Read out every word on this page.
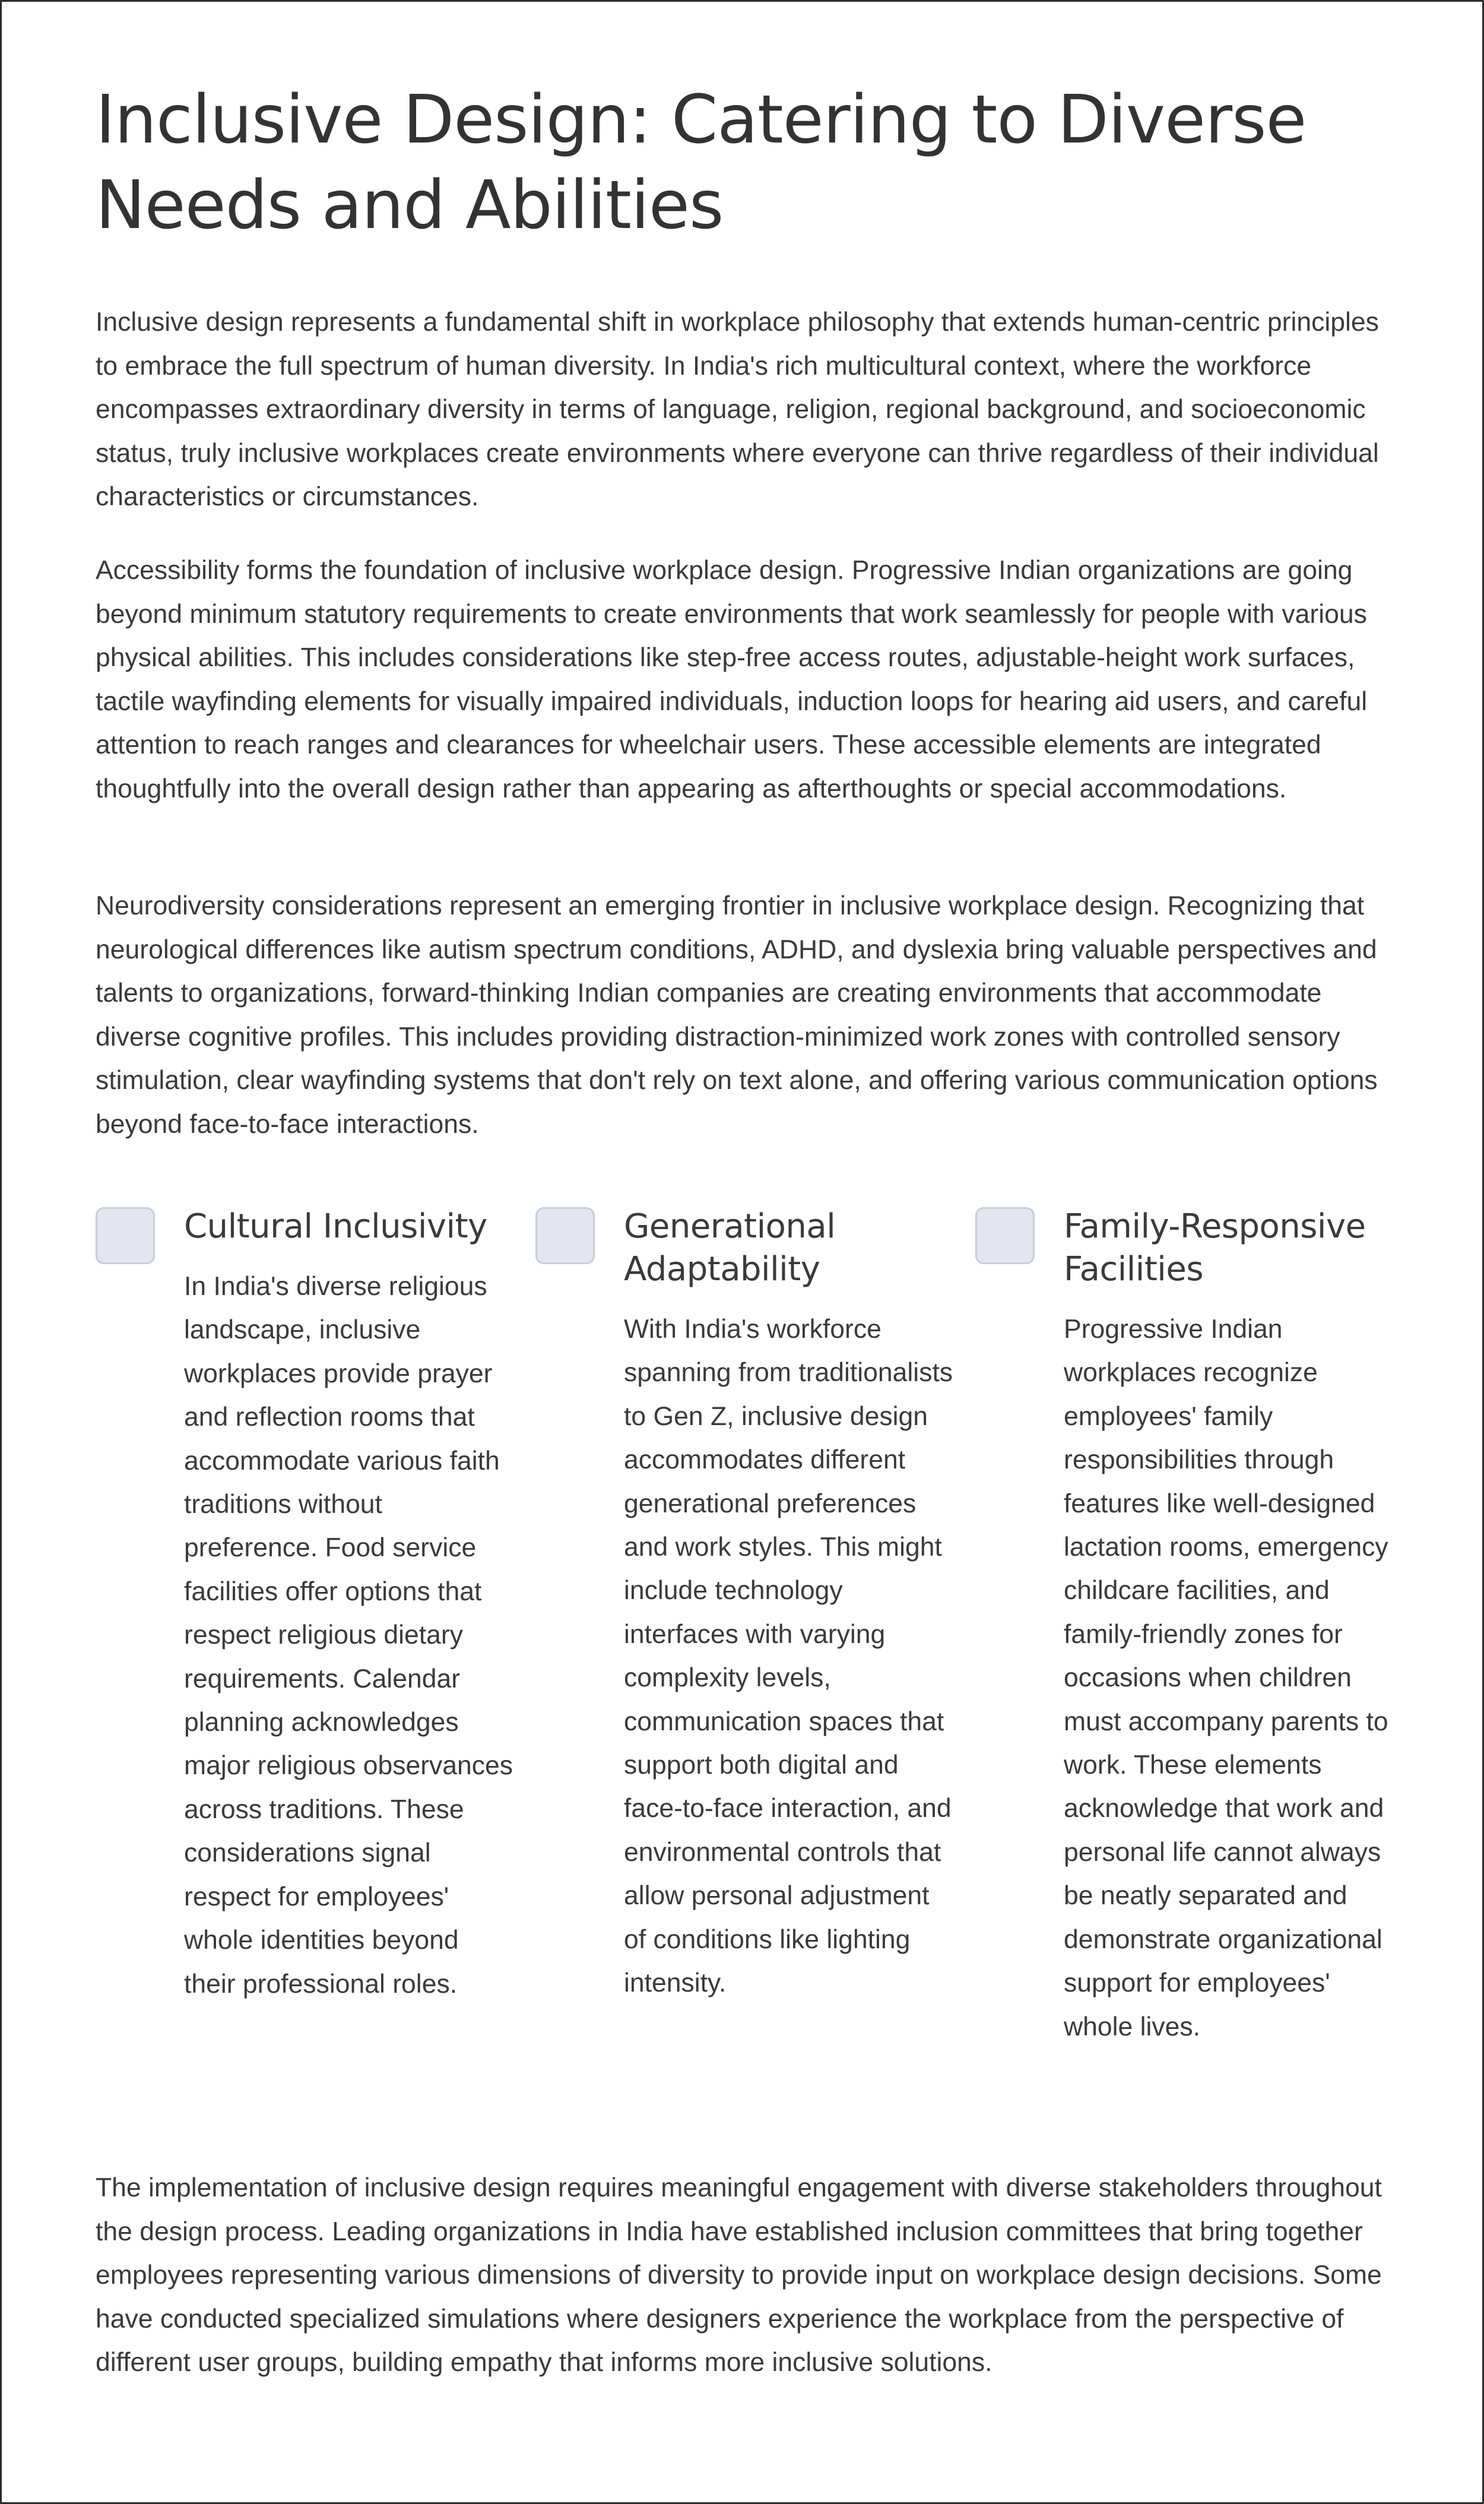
Inclusive Design: Catering to Diverse Needs and Abilities

Inclusive design represents a fundamental shift in workplace philosophy that extends human-centric principles to embrace the full spectrum of human diversity. In India's rich multicultural context, where the workforce encompasses extraordinary diversity in terms of language, religion, regional background, and socioeconomic status, truly inclusive workplaces create environments where everyone can thrive regardless of their individual characteristics or circumstances.

Accessibility forms the foundation of inclusive workplace design. Progressive Indian organizations are going beyond minimum statutory requirements to create environments that work seamlessly for people with various physical abilities. This includes considerations like step-free access routes, adjustable-height work surfaces, tactile wayfinding elements for visually impaired individuals, induction loops for hearing aid users, and careful attention to reach ranges and clearances for wheelchair users. These accessible elements are integrated thoughtfully into the overall design rather than appearing as afterthoughts or special accommodations.

Neurodiversity considerations represent an emerging frontier in inclusive workplace design. Recognizing that neurological differences like autism spectrum conditions, ADHD, and dyslexia bring valuable perspectives and talents to organizations, forward-thinking Indian companies are creating environments that accommodate diverse cognitive profiles. This includes providing distraction-minimized work zones with controlled sensory stimulation, clear wayfinding systems that don't rely on text alone, and offering various communication options beyond face-to-face interactions.

Cultural Inclusivity

In India's diverse religious landscape, inclusive workplaces provide prayer and reflection rooms that accommodate various faith traditions without preference. Food service facilities offer options that respect religious dietary requirements. Calendar planning acknowledges major religious observances across traditions. These considerations signal respect for employees' whole identities beyond their professional roles.

Generational Adaptability

With India's workforce spanning from traditionalists to Gen Z, inclusive design accommodates different generational preferences and work styles. This might include technology interfaces with varying complexity levels, communication spaces that support both digital and face-to-face interaction, and environmental controls that allow personal adjustment of conditions like lighting intensity.

Family-Responsive Facilities

Progressive Indian workplaces recognize employees' family responsibilities through features like well-designed lactation rooms, emergency childcare facilities, and family-friendly zones for occasions when children must accompany parents to work. These elements acknowledge that work and personal life cannot always be neatly separated and demonstrate organizational support for employees' whole lives.

The implementation of inclusive design requires meaningful engagement with diverse stakeholders throughout the design process. Leading organizations in India have established inclusion committees that bring together employees representing various dimensions of diversity to provide input on workplace design decisions. Some have conducted specialized simulations where designers experience the workplace from the perspective of different user groups, building empathy that informs more inclusive solutions.
